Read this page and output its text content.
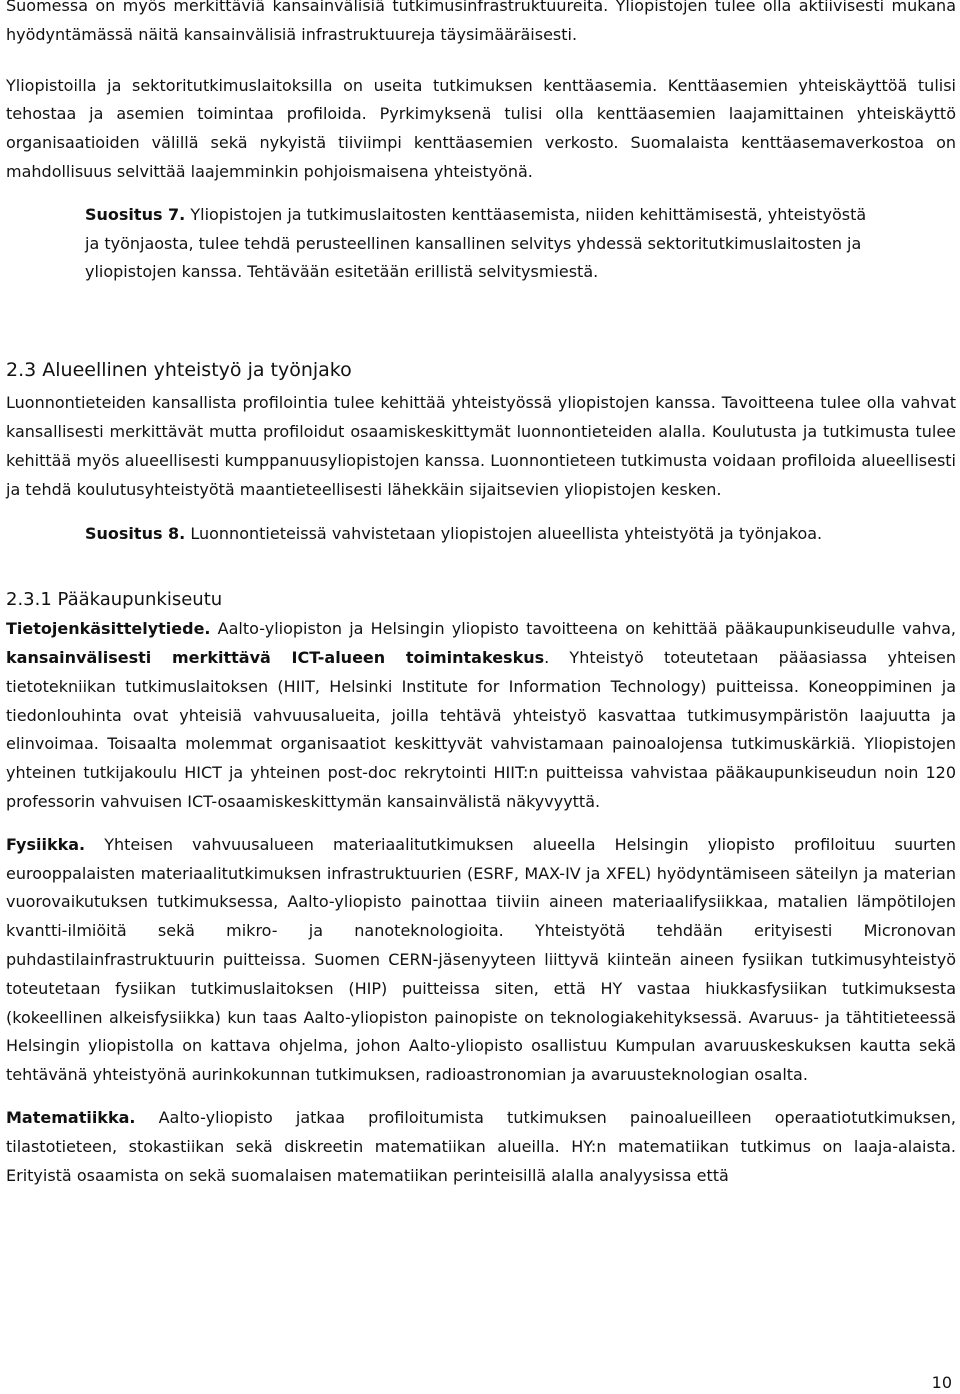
Suomessa on myös merkittäviä kansainvälisiä tutkimusinfrastruktuureita. Yliopistojen tulee olla aktiivisesti mukana hyödyntämässä näitä kansainvälisiä infrastruktuureja täysimääräisesti.

Yliopistoilla ja sektoritutkimuslaitoksilla on useita tutkimuksen kenttäasemia. Kenttäasemien yhteiskäyttöä tulisi tehostaa ja asemien toimintaa profiloida. Pyrkimyksenä tulisi olla kenttäasemien laajamittainen yhteiskäyttö organisaatioiden välillä sekä nykyistä tiiviimpi kenttäasemien verkosto. Suomalaista kenttäasemaverkostoa on mahdollisuus selvittää laajemminkin pohjoismaisena yhteistyönä.

Suositus 7. Yliopistojen ja tutkimuslaitosten kenttäasemista, niiden kehittämisestä, yhteistyöstä ja työnjaosta, tulee tehdä perusteellinen kansallinen selvitys yhdessä sektoritutkimuslaitosten ja yliopistojen kanssa. Tehtävään esitetään erillistä selvitysmiestä.

2.3 Alueellinen yhteistyö ja työnjako

Luonnontieteiden kansallista profilointia tulee kehittää yhteistyössä yliopistojen kanssa. Tavoitteena tulee olla vahvat kansallisesti merkittävät mutta profiloidut osaamiskeskittymät luonnontieteiden alalla. Koulutusta ja tutkimusta tulee kehittää myös alueellisesti kumppanuusyliopistojen kanssa. Luonnontieteen tutkimusta voidaan profiloida alueellisesti ja tehdä koulutusyhteistyötä maantieteellisesti lähekkäin sijaitsevien yliopistojen kesken.

Suositus 8. Luonnontieteissä vahvistetaan yliopistojen alueellista yhteistyötä ja työnjakoa.

2.3.1 Pääkaupunkiseutu

Tietojenkäsittelytiede. Aalto-yliopiston ja Helsingin yliopisto tavoitteena on kehittää pääkaupunkiseudulle vahva, kansainvälisesti merkittävä ICT-alueen toimintakeskus. Yhteistyö toteutetaan pääasiassa yhteisen tietotekniikan tutkimuslaitoksen (HIIT, Helsinki Institute for Information Technology) puitteissa. Koneoppiminen ja tiedonlouhinta ovat yhteisiä vahvuusalueita, joilla tehtävä yhteistyö kasvattaa tutkimusympäristön laajuutta ja elinvoimaa. Toisaalta molemmat organisaatiot keskittyvät vahvistamaan painoalojensa tutkimuskärkiä. Yliopistojen yhteinen tutkijakoulu HICT ja yhteinen post-doc rekrytointi HIIT:n puitteissa vahvistaa pääkaupunkiseudun noin 120 professorin vahvuisen ICT-osaamiskeskittymän kansainvälistä näkyvyyttä.

Fysiikka. Yhteisen vahvuusalueen materiaalitutkimuksen alueella Helsingin yliopisto profiloituu suurten eurooppalaisten materiaalitutkimuksen infrastruktuurien (ESRF, MAX-IV ja XFEL) hyödyntämiseen säteilyn ja materian vuorovaikutuksen tutkimuksessa, Aalto-yliopisto painottaa tiiviin aineen materiaalifysiikkaa, matalien lämpötilojen kvantti-ilmiöitä sekä mikro- ja nanoteknologioita. Yhteistyötä tehdään erityisesti Micronovan puhdastilainfrastruktuurin puitteissa. Suomen CERN-jäsenyyteen liittyvä kiinteän aineen fysiikan tutkimusyhteistyö toteutetaan fysiikan tutkimuslaitoksen (HIP) puitteissa siten, että HY vastaa hiukkasfysiikan tutkimuksesta (kokeellinen alkeisfysiikka) kun taas Aalto-yliopiston painopiste on teknologiakehityksessä. Avaruus- ja tähtitieteessä Helsingin yliopistolla on kattava ohjelma, johon Aalto-yliopisto osallistuu Kumpulan avaruuskeskuksen kautta sekä tehtävänä yhteistyönä aurinkokunnan tutkimuksen, radioastronomian ja avaruusteknologian osalta.

Matematiikka. Aalto-yliopisto jatkaa profiloitumista tutkimuksen painoalueilleen operaatiotutkimuksen, tilastotieteen, stokastiikan sekä diskreetin matematiikan alueilla. HY:n matematiikan tutkimus on laaja-alaista. Erityistä osaamista on sekä suomalaisen matematiikan perinteisillä alalla analyysissa että

10
